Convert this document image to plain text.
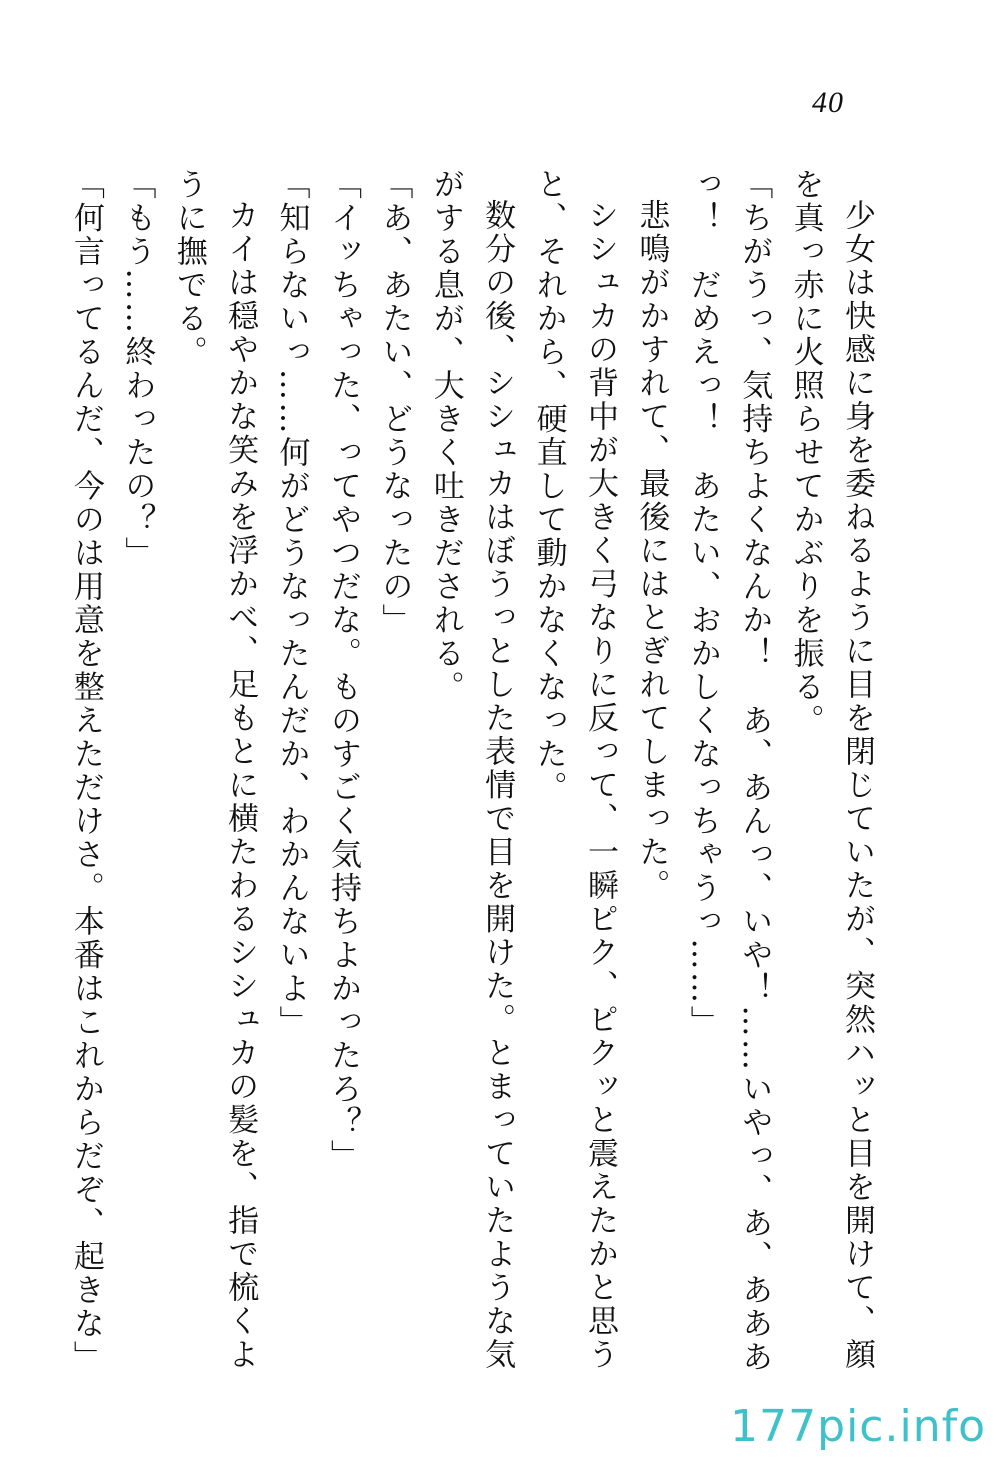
40

少女は快感に身を委ねるように目を閉じていたが、突然ハッと目を開けて、顔を真っ赤に火照らせてかぶりを振る。

「ちがうっ、気持ちよくなんか！　あ、あんっ、いや！……いやっ、あ、あああっ！　だめえっ！　あたい、おかしくなっちゃうっ……」

悲鳴がかすれて、最後にはとぎれてしまった。

シシュカの背中が大きく弓なりに反って、一瞬ピク、ピクッと震えたかと思うと、それから、硬直して動かなくなった。

数分の後、シシュカはぼうっとした表情で目を開けた。とまっていたような気がする息が、大きく吐きだされる。

「あ、あたい、どうなったの」

「イッちゃった、ってやつだな。ものすごく気持ちよかったろ？」

「知らないっ……何がどうなったんだか、わかんないよ」

カイは穏やかな笑みを浮かべ、足もとに横たわるシシュカの髪を、指で梳くように撫でる。

「もう……終わったの？」

「何言ってるんだ、今のは用意を整えただけさ。本番はこれからだぞ、起きな」

177pic.info
